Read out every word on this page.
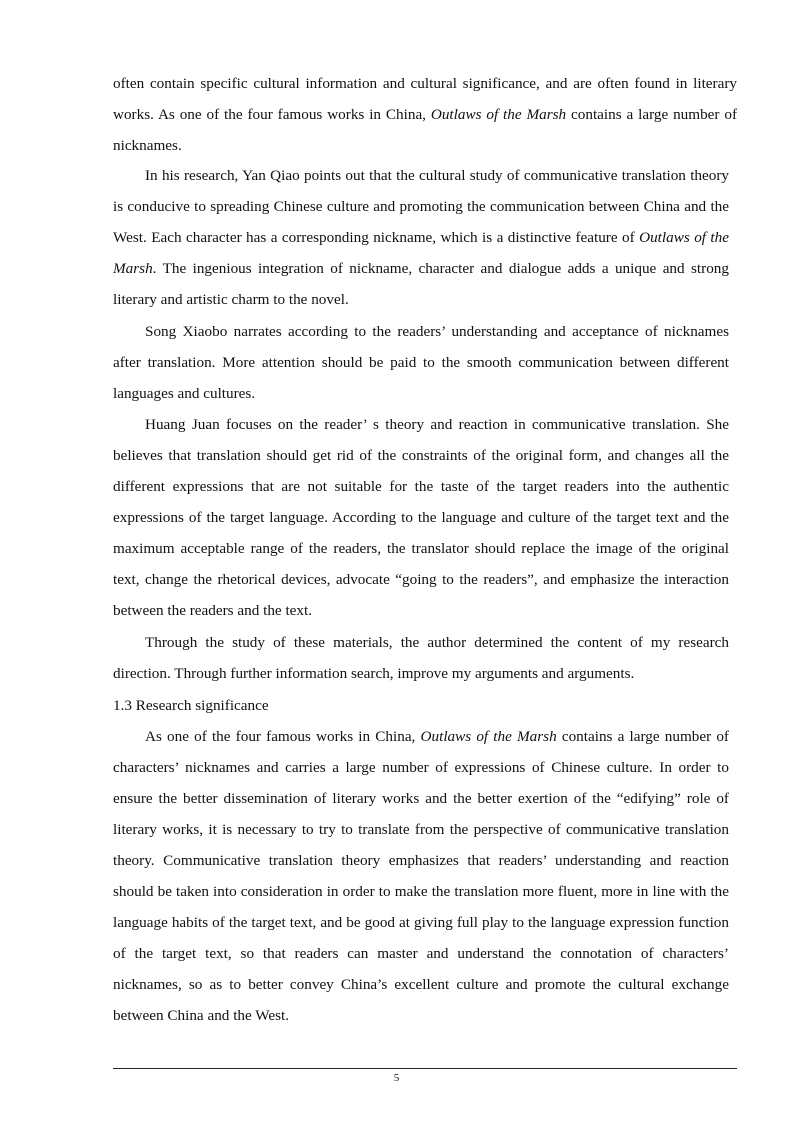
often contain specific cultural information and cultural significance, and are often found in literary works. As one of the four famous works in China, Outlaws of the Marsh contains a large number of nicknames.

In his research, Yan Qiao points out that the cultural study of communicative translation theory is conducive to spreading Chinese culture and promoting the communication between China and the West. Each character has a corresponding nickname, which is a distinctive feature of Outlaws of the Marsh. The ingenious integration of nickname, character and dialogue adds a unique and strong literary and artistic charm to the novel.

Song Xiaobo narrates according to the readers’ understanding and acceptance of nicknames after translation. More attention should be paid to the smooth communication between different languages and cultures.

Huang Juan focuses on the reader’ s theory and reaction in communicative translation. She believes that translation should get rid of the constraints of the original form, and changes all the different expressions that are not suitable for the taste of the target readers into the authentic expressions of the target language. According to the language and culture of the target text and the maximum acceptable range of the readers, the translator should replace the image of the original text, change the rhetorical devices, advocate “going to the readers”, and emphasize the interaction between the readers and the text.

Through the study of these materials, the author determined the content of my research direction. Through further information search, improve my arguments and arguments.

1.3 Research significance

As one of the four famous works in China, Outlaws of the Marsh contains a large number of characters’ nicknames and carries a large number of expressions of Chinese culture. In order to ensure the better dissemination of literary works and the better exertion of the “edifying” role of literary works, it is necessary to try to translate from the perspective of communicative translation theory. Communicative translation theory emphasizes that readers’ understanding and reaction should be taken into consideration in order to make the translation more fluent, more in line with the language habits of the target text, and be good at giving full play to the language expression function of the target text, so that readers can master and understand the connotation of characters’ nicknames, so as to better convey China’s excellent culture and promote the cultural exchange between China and the West.

5
